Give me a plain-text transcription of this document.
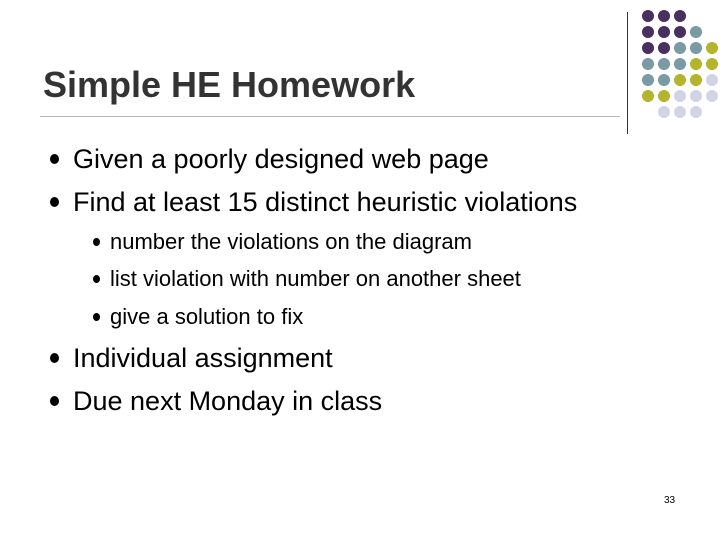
Simple HE Homework
Given a poorly designed web page
Find at least 15 distinct heuristic violations
number the violations on the diagram
list violation with number on another sheet
give a solution to fix
Individual assignment
Due next Monday in class
33
